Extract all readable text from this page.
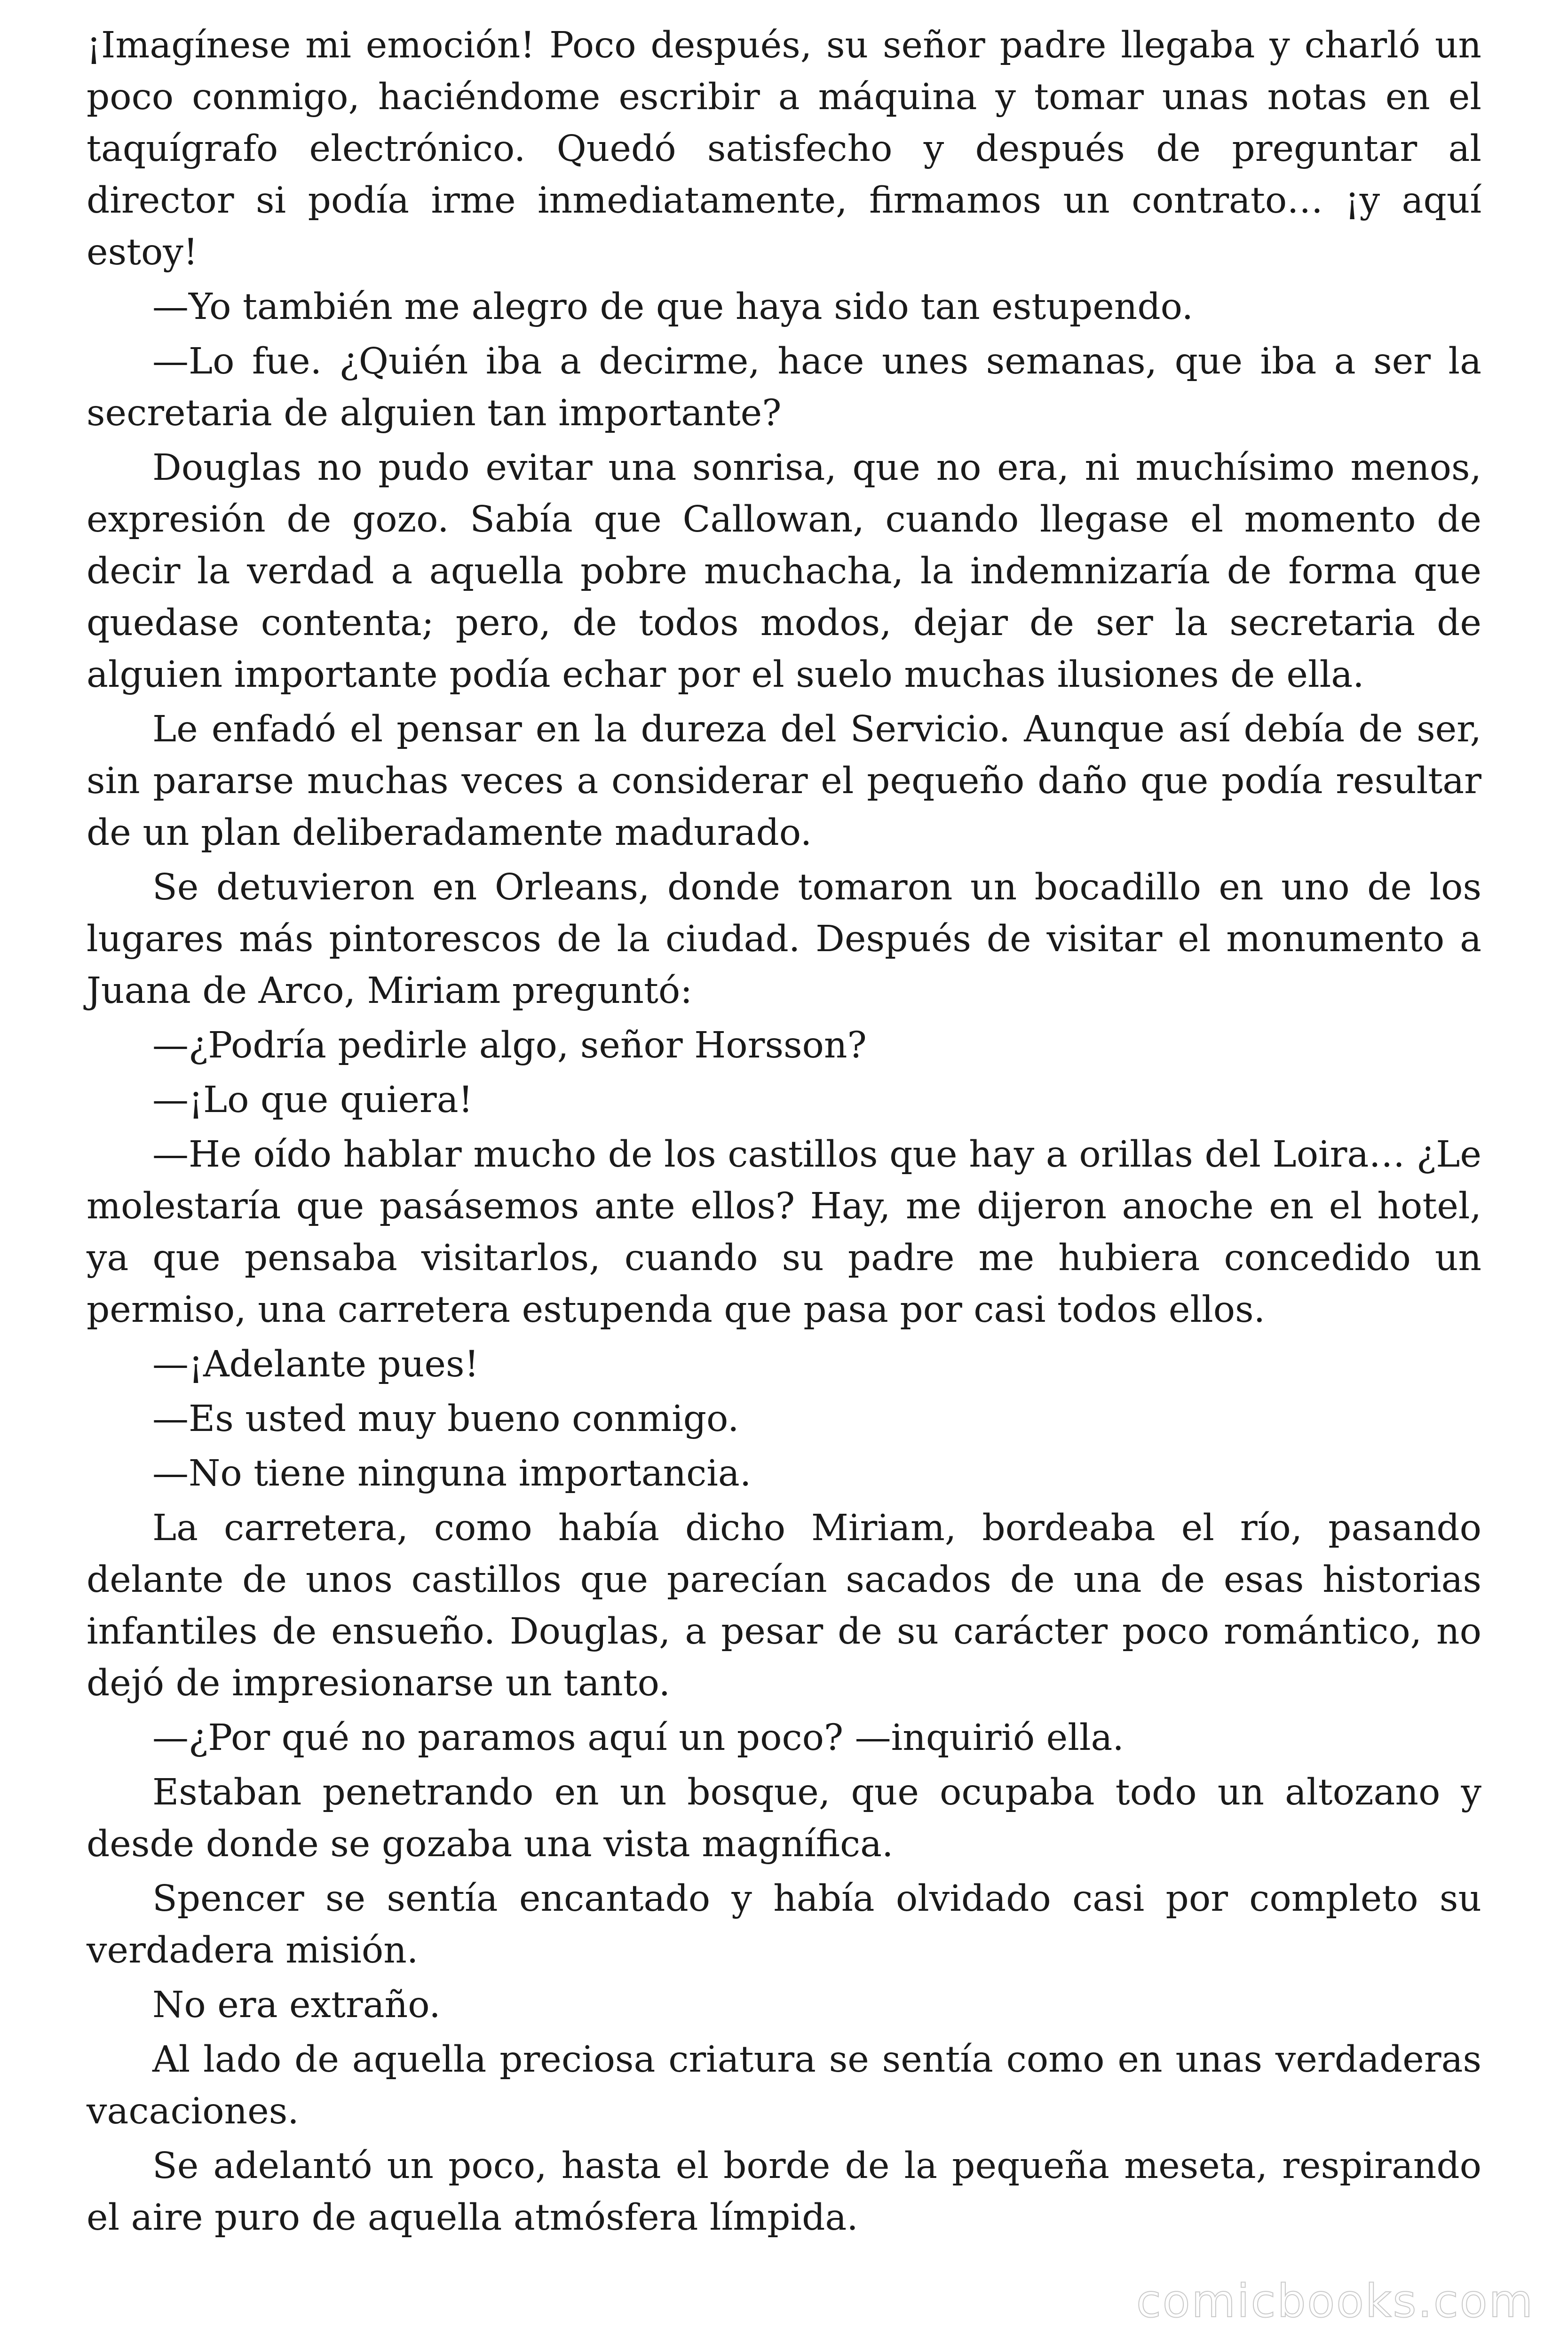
¡Imagínese mi emoción! Poco después, su señor padre llegaba y charló un poco conmigo, haciéndome escribir a máquina y tomar unas notas en el taquígrafo electrónico. Quedó satisfecho y después de preguntar al director si podía irme inmediatamente, firmamos un contrato… ¡y aquí estoy!

—Yo también me alegro de que haya sido tan estupendo.

—Lo fue. ¿Quién iba a decirme, hace unes semanas, que iba a ser la secretaria de alguien tan importante?

Douglas no pudo evitar una sonrisa, que no era, ni muchísimo menos, expresión de gozo. Sabía que Callowan, cuando llegase el momento de decir la verdad a aquella pobre muchacha, la indemnizaría de forma que quedase contenta; pero, de todos modos, dejar de ser la secretaria de alguien importante podía echar por el suelo muchas ilusiones de ella.

Le enfadó el pensar en la dureza del Servicio. Aunque así debía de ser, sin pararse muchas veces a considerar el pequeño daño que podía resultar de un plan deliberadamente madurado.

Se detuvieron en Orleans, donde tomaron un bocadillo en uno de los lugares más pintorescos de la ciudad. Después de visitar el monumento a Juana de Arco, Miriam preguntó:

—¿Podría pedirle algo, señor Horsson?

—¡Lo que quiera!

—He oído hablar mucho de los castillos que hay a orillas del Loira… ¿Le molestaría que pasásemos ante ellos? Hay, me dijeron anoche en el hotel, ya que pensaba visitarlos, cuando su padre me hubiera concedido un permiso, una carretera estupenda que pasa por casi todos ellos.

—¡Adelante pues!

—Es usted muy bueno conmigo.

—No tiene ninguna importancia.

La carretera, como había dicho Miriam, bordeaba el río, pasando delante de unos castillos que parecían sacados de una de esas historias infantiles de ensueño. Douglas, a pesar de su carácter poco romántico, no dejó de impresionarse un tanto.

—¿Por qué no paramos aquí un poco? —inquirió ella.

Estaban penetrando en un bosque, que ocupaba todo un altozano y desde donde se gozaba una vista magnífica.

Spencer se sentía encantado y había olvidado casi por completo su verdadera misión.

No era extraño.

Al lado de aquella preciosa criatura se sentía como en unas verdaderas vacaciones.

Se adelantó un poco, hasta el borde de la pequeña meseta, respirando el aire puro de aquella atmósfera límpida.

comicbooks.com
